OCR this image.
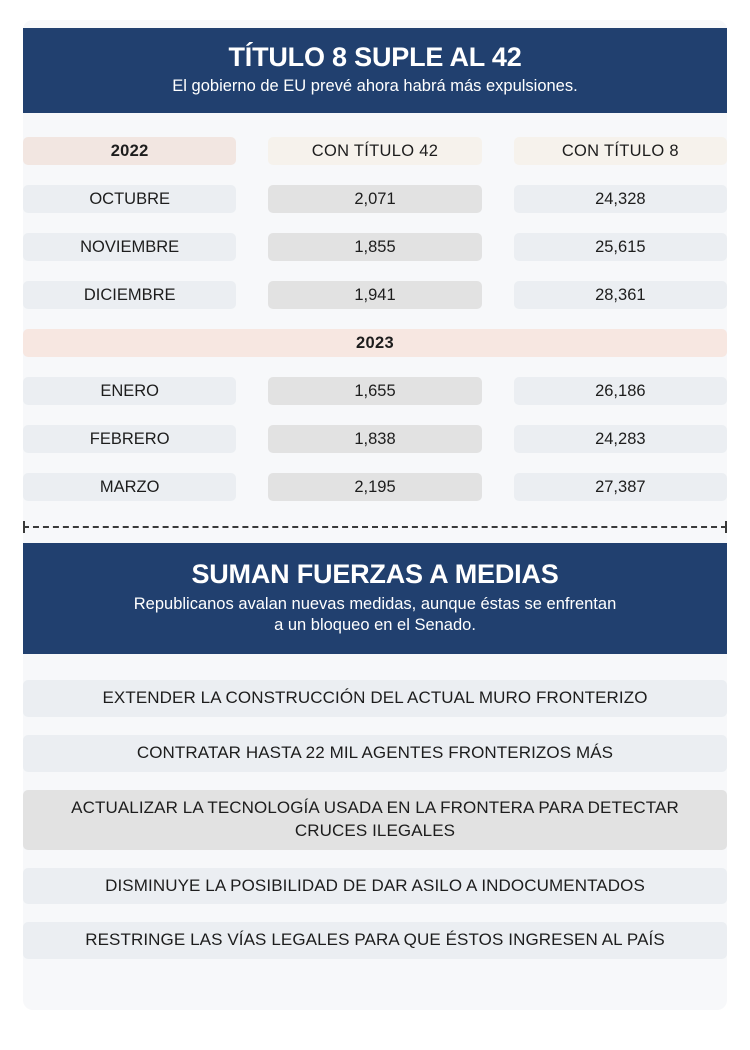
TÍTULO 8 SUPLE AL 42
El gobierno de EU prevé ahora habrá más expulsiones.
2022	CON TÍTULO 42	CON TÍTULO 8
OCTUBRE	2,071	24,328
NOVIEMBRE	1,855	25,615
DICIEMBRE	1,941	28,361
2023
ENERO	1,655	26,186
FEBRERO	1,838	24,283
MARZO	2,195	27,387
SUMAN FUERZAS A MEDIAS
Republicanos avalan nuevas medidas, aunque éstas se enfrentan
a un bloqueo en el Senado.
EXTENDER LA CONSTRUCCIÓN DEL ACTUAL MURO FRONTERIZO
CONTRATAR HASTA 22 MIL AGENTES FRONTERIZOS MÁS
ACTUALIZAR LA TECNOLOGÍA USADA EN LA FRONTERA PARA DETECTAR CRUCES ILEGALES
DISMINUYE LA POSIBILIDAD DE DAR ASILO A INDOCUMENTADOS
RESTRINGE LAS VÍAS LEGALES PARA QUE ÉSTOS INGRESEN AL PAÍS
